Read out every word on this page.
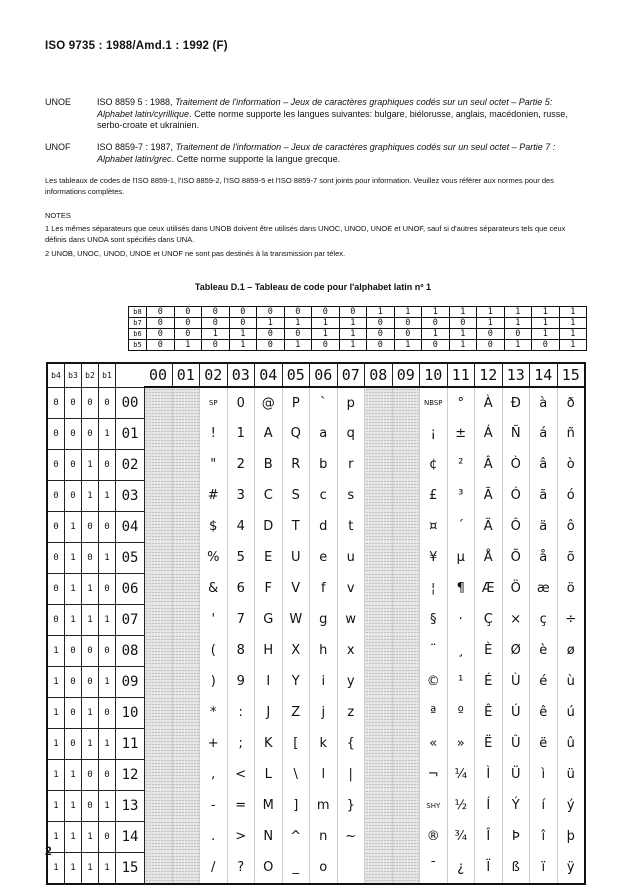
ISO 9735 : 1988/Amd.1 : 1992 (F)
UNOE	ISO 8859 5 : 1988, Traitement de l'information – Jeux de caractères graphiques codés sur un seul octet – Partie 5: Alphabet latin/cyrillique. Cette norme supporte les langues suivantes: bulgare, biélorusse, anglais, macédonien, russe, serbo-croate et ukrainien.
UNOF	ISO 8859-7 : 1987, Traitement de l'information – Jeux de caractères graphiques codés sur un seul octet – Partie 7 : Alphabet latin/grec. Cette norme supporte la langue grecque.
Les tableaux de codes de l'ISO 8859-1, l'ISO 8859-2, l'ISO 8859-5 et l'ISO 8859-7 sont joints pour information. Veuillez vous référer aux normes pour des informations complètes.
NOTES
1 Les mêmes séparateurs que ceux utilisés dans UNOB doivent être utilisés dans UNOC, UNOD, UNOE et UNOF, sauf si d'autres séparateurs tels que ceux définis dans UNOA sont spécifiés dans UNA.
2 UNOB, UNOC, UNOD, UNOE et UNOF ne sont pas destinés à la transmission par télex.
Tableau D.1 – Tableau de code pour l'alphabet latin nº 1
b8	0	0	0	0	0	0	0	0	1	1	1	1	1	1	1	1
b7	0	0	0	0	1	1	1	1	0	0	0	0	1	1	1	1
b6	0	0	1	1	0	0	1	1	0	0	1	1	0	0	1	1
b5	0	1	0	1	0	1	0	1	0	1	0	1	0	1	0	1
b4	b3	b2	b1		00	01	02	03	04	05	06	07	08	09	10	11	12	13	14	15
0	0	0	0	00			SP	0	@	P	`	p			NBSP	°	À	Ð	à	ð
0	0	0	1	01			!	1	A	Q	a	q			¡	±	Á	Ñ	á	ñ
0	0	1	0	02			"	2	B	R	b	r			¢	²	Â	Ò	â	ò
0	0	1	1	03			#	3	C	S	c	s			£	³	Ã	Ó	ã	ó
0	1	0	0	04			$	4	D	T	d	t			¤	´	Ä	Ô	ä	ô
0	1	0	1	05			%	5	E	U	e	u			¥	µ	Å	Õ	å	õ
0	1	1	0	06			&	6	F	V	f	v			¦	¶	Æ	Ö	æ	ö
0	1	1	1	07			'	7	G	W	g	w			§	·	Ç	×	ç	÷
1	0	0	0	08			(	8	H	X	h	x			¨	¸	È	Ø	è	ø
1	0	0	1	09			)	9	I	Y	i	y			©	¹	É	Ù	é	ù
1	0	1	0	10			*	:	J	Z	j	z			ª	º	Ê	Ú	ê	ú
1	0	1	1	11			+	;	K	[	k	{			«	»	Ë	Û	ë	û
1	1	0	0	12			,	<	L	\	l	|			¬	¼	Ì	Ü	ì	ü
1	1	0	1	13			-	=	M	]	m	}			SHY	½	Í	Ý	í	ý
1	1	1	0	14			.	>	N	^	n	~			®	¾	Î	Þ	î	þ
1	1	1	1	15			/	?	O	_	o				¯	¿	Ï	ß	ï	ÿ
2
